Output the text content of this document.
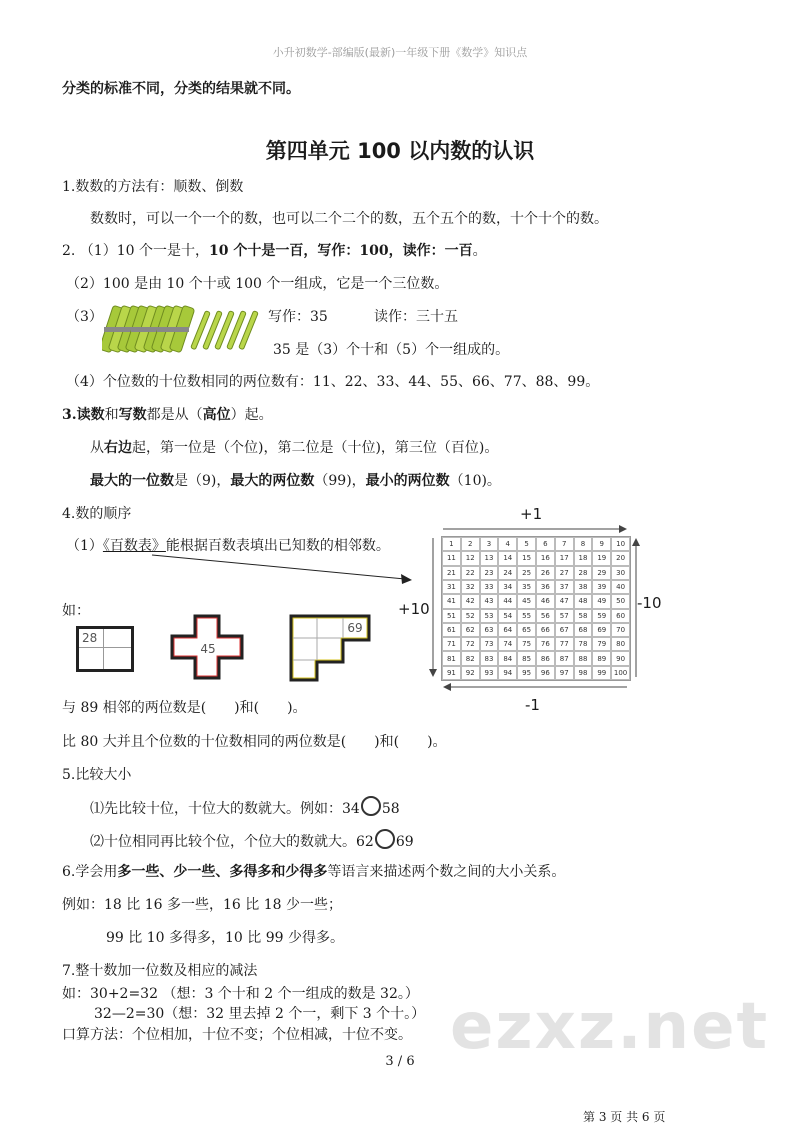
小升初数学-部编版(最新)一年级下册《数学》知识点
分类的标准不同，分类的结果就不同。
第四单元 100 以内数的认识
1.数数的方法有：顺数、倒数
数数时，可以一个一个的数，也可以二个二个的数，五个五个的数，十个十个的数。
2. （1）10 个一是十，10 个十是一百，写作：100，读作：一百。
（2）100 是由 10 个十或 100 个一组成，它是一个三位数。
（3）	写作：35	读作：三十五
35 是（3）个十和（5）个一组成的。
（4）个位数的十位数相同的两位数有：11、22、33、44、55、66、77、88、99。
3.读数和写数都是从（高位）起。
从右边起，第一位是（个位)，第二位是（十位)，第三位（百位)。
最大的一位数是（9)，最大的两位数（99)，最小的两位数（10)。
4.数的顺序
（1）《百数表》能根据百数表填出已知数的相邻数。
如：
28
45
69
+1
+10	-10
-1
1	2	3	4	5	6	7	8	9	10
11	12	13	14	15	16	17	18	19	20
21	22	23	24	25	26	27	28	29	30
31	32	33	34	35	36	37	38	39	40
41	42	43	44	45	46	47	48	49	50
51	52	53	54	55	56	57	58	59	60
61	62	63	64	65	66	67	68	69	70
71	72	73	74	75	76	77	78	79	80
81	82	83	84	85	86	87	88	89	90
91	92	93	94	95	96	97	98	99	100
与 89 相邻的两位数是(　　)和(　　)。
比 80 大并且个位数的十位数相同的两位数是(　　)和(　　)。
5.比较大小
⑴先比较十位，十位大的数就大。例如：34 58
⑵十位相同再比较个位，个位大的数就大。62 69
6.学会用多一些、少一些、多得多和少得多等语言来描述两个数之间的大小关系。
例如：18 比 16 多一些，16 比 18 少一些；
99 比 10 多得多，10 比 99 少得多。
7.整十数加一位数及相应的减法
如：30+2=32 （想：3 个十和 2 个一组成的数是 32。）
32—2=30（想：32 里去掉 2 个一，剩下 3 个十。）
口算方法：个位相加，十位不变；个位相减，十位不变。 ezxz.net
3 / 6
第 3 页 共 6 页
